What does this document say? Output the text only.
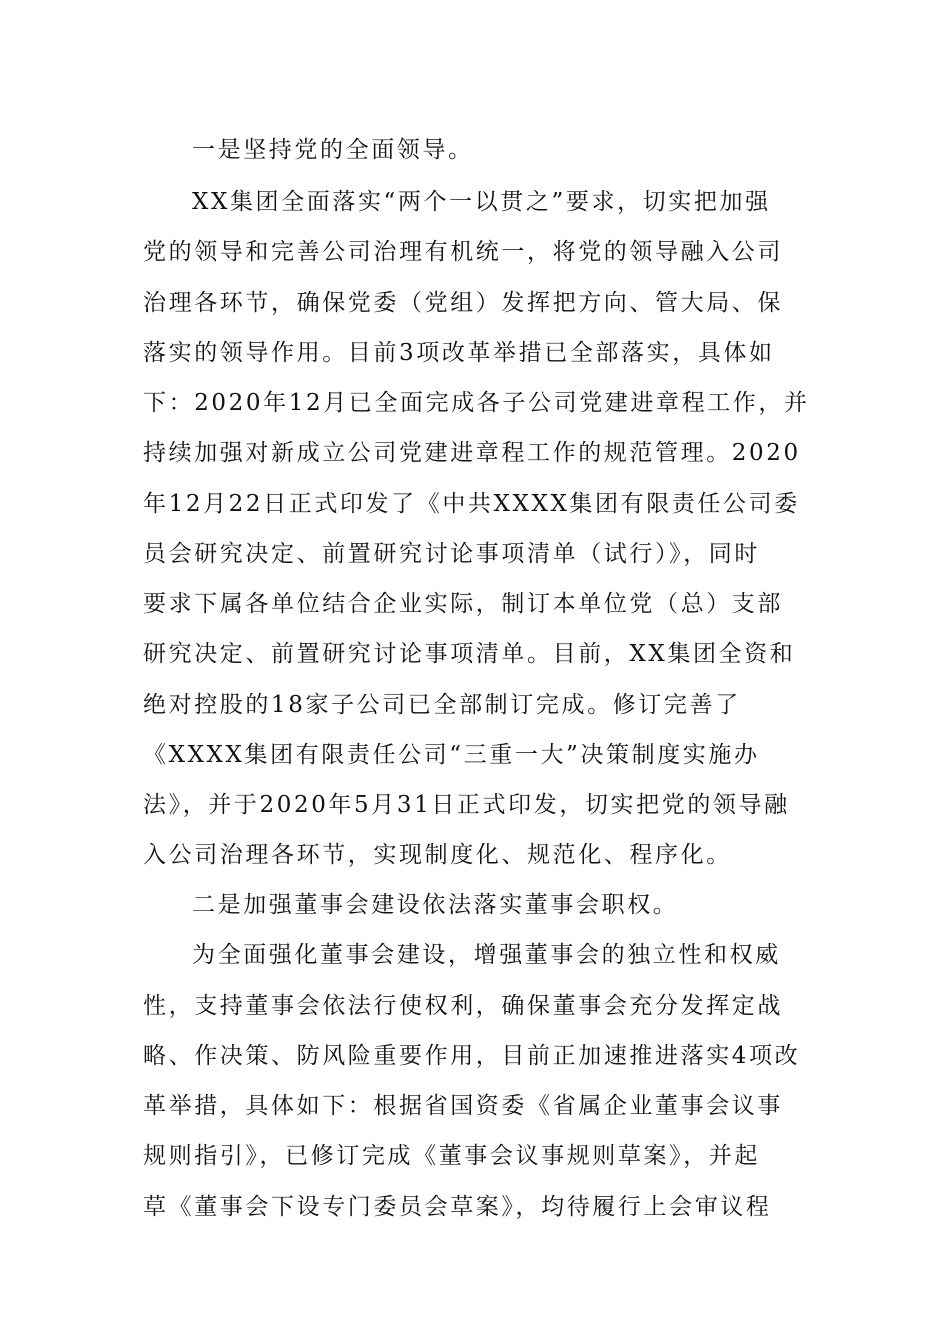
一是坚持党的全面领导。
XX集团全面落实“两个一以贯之”要求，切实把加强
党的领导和完善公司治理有机统一，将党的领导融入公司
治理各环节，确保党委（党组）发挥把方向、管大局、保
落实的领导作用。目前3项改革举措已全部落实，具体如
下：2020年12月已全面完成各子公司党建进章程工作，并
持续加强对新成立公司党建进章程工作的规范管理。2020
年12月22日正式印发了《中共XXXX集团有限责任公司委
员会研究决定、前置研究讨论事项清单（试行）》，同时
要求下属各单位结合企业实际，制订本单位党（总）支部
研究决定、前置研究讨论事项清单。目前，XX集团全资和
绝对控股的18家子公司已全部制订完成。修订完善了
《XXXX集团有限责任公司“三重一大”决策制度实施办
法》，并于2020年5月31日正式印发，切实把党的领导融
入公司治理各环节，实现制度化、规范化、程序化。
二是加强董事会建设依法落实董事会职权。
为全面强化董事会建设，增强董事会的独立性和权威
性，支持董事会依法行使权利，确保董事会充分发挥定战
略、作决策、防风险重要作用，目前正加速推进落实4项改
革举措，具体如下：根据省国资委《省属企业董事会议事
规则指引》，已修订完成《董事会议事规则草案》，并起
草《董事会下设专门委员会草案》，均待履行上会审议程
